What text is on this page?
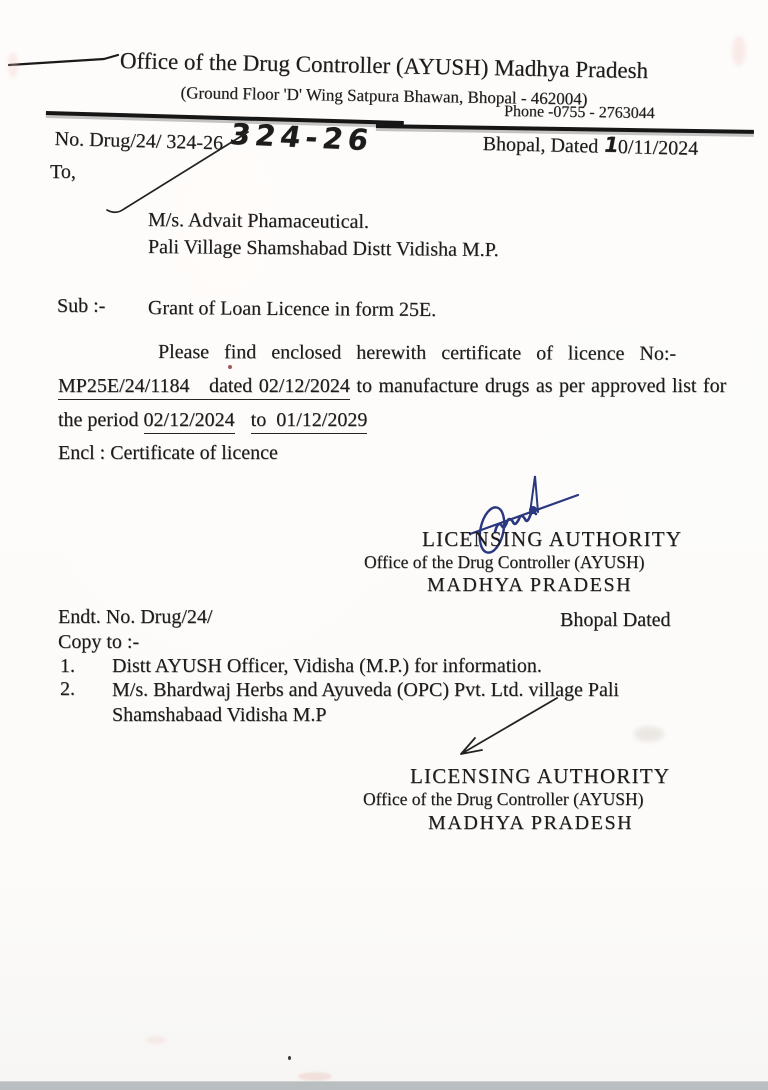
Office of the Drug Controller (AYUSH) Madhya Pradesh
(Ground Floor 'D' Wing Satpura Bhawan, Bhopal - 462004)
Phone -0755 - 2763044
No. Drug/24/ 324-26 324-26	Bhopal, Dated 10/11/2024
To,
M/s. Advait Phamaceutical.
Pali Village Shamshabad Distt Vidisha M.P.
Sub :- Grant of Loan Licence in form 25E.
Please find enclosed herewith certificate of licence No:-
MP25E/24/1184   dated 02/12/2024 to manufacture drugs as per approved list for
the period 02/12/2024 to  01/12/2029
Encl : Certificate of licence
LICENSING AUTHORITY
Office of the Drug Controller (AYUSH)
MADHYA PRADESH
Endt. No. Drug/24/	Bhopal Dated
Copy to :-
1. Distt AYUSH Officer, Vidisha (M.P.) for information.
2. M/s. Bhardwaj Herbs and Ayuveda (OPC) Pvt. Ltd. village Pali Shamshabaad Vidisha M.P
LICENSING AUTHORITY
Office of the Drug Controller (AYUSH)
MADHYA PRADESH
